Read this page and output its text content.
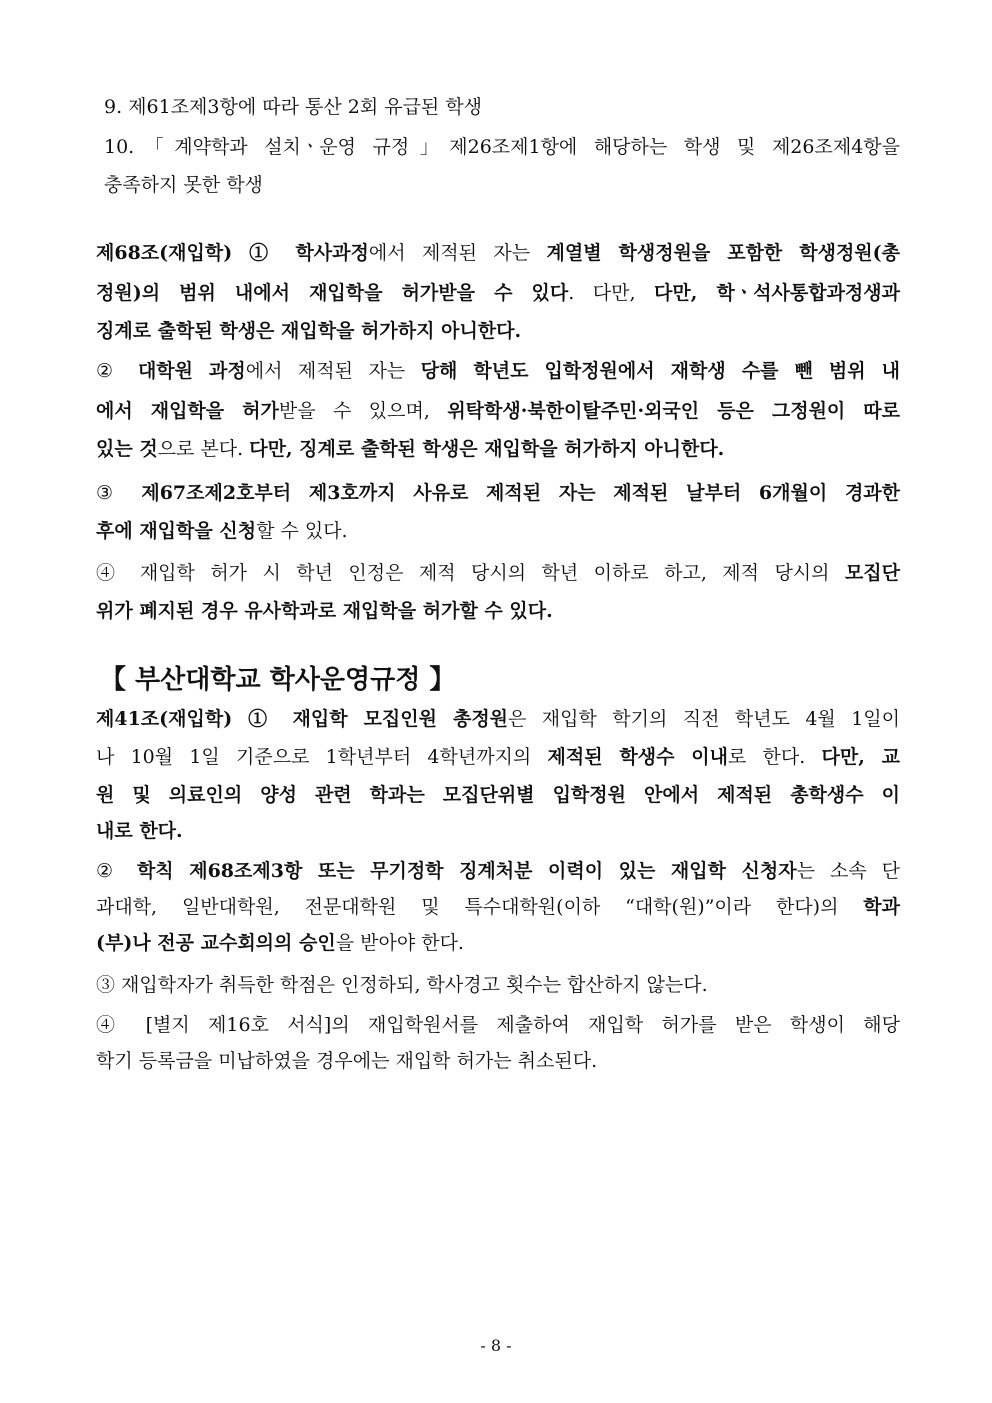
9. 제61조제3항에 따라 통산 2회 유급된 학생
10.「계약학과 설치ㆍ운영 규정」제26조제1항에 해당하는 학생 및 제26조제4항을
충족하지 못한 학생
제68조(재입학) ① 학사과정에서 제적된 자는 계열별 학생정원을 포함한 학생정원(총
정원)의 범위 내에서 재입학을 허가받을 수 있다. 다만, 다만, 학ㆍ석사통합과정생과
징계로 출학된 학생은 재입학을 허가하지 아니한다.
② 대학원 과정에서 제적된 자는 당해 학년도 입학정원에서 재학생 수를 뺀 범위 내
에서 재입학을 허가받을 수 있으며, 위탁학생·북한이탈주민·외국인 등은 그정원이 따로
있는 것으로 본다. 다만, 징계로 출학된 학생은 재입학을 허가하지 아니한다.
③ 제67조제2호부터 제3호까지 사유로 제적된 자는 제적된 날부터 6개월이 경과한
후에 재입학을 신청할 수 있다.
④ 재입학 허가 시 학년 인정은 제적 당시의 학년 이하로 하고, 제적 당시의 모집단
위가 폐지된 경우 유사학과로 재입학을 허가할 수 있다.
【 부산대학교 학사운영규정 】
제41조(재입학) ① 재입학 모집인원 총정원은 재입학 학기의 직전 학년도 4월 1일이
나 10월 1일 기준으로 1학년부터 4학년까지의 제적된 학생수 이내로 한다. 다만, 교
원 및 의료인의 양성 관련 학과는 모집단위별 입학정원 안에서 제적된 총학생수 이
내로 한다.
② 학칙 제68조제3항 또는 무기정학 징계처분 이력이 있는 재입학 신청자는 소속 단
과대학, 일반대학원, 전문대학원 및 특수대학원(이하 “대학(원)”이라 한다)의 학과
(부)나 전공 교수회의의 승인을 받아야 한다.
③ 재입학자가 취득한 학점은 인정하되, 학사경고 횟수는 합산하지 않는다.
④ [별지 제16호 서식]의 재입학원서를 제출하여 재입학 허가를 받은 학생이 해당
학기 등록금을 미납하였을 경우에는 재입학 허가는 취소된다.
- 8 -
